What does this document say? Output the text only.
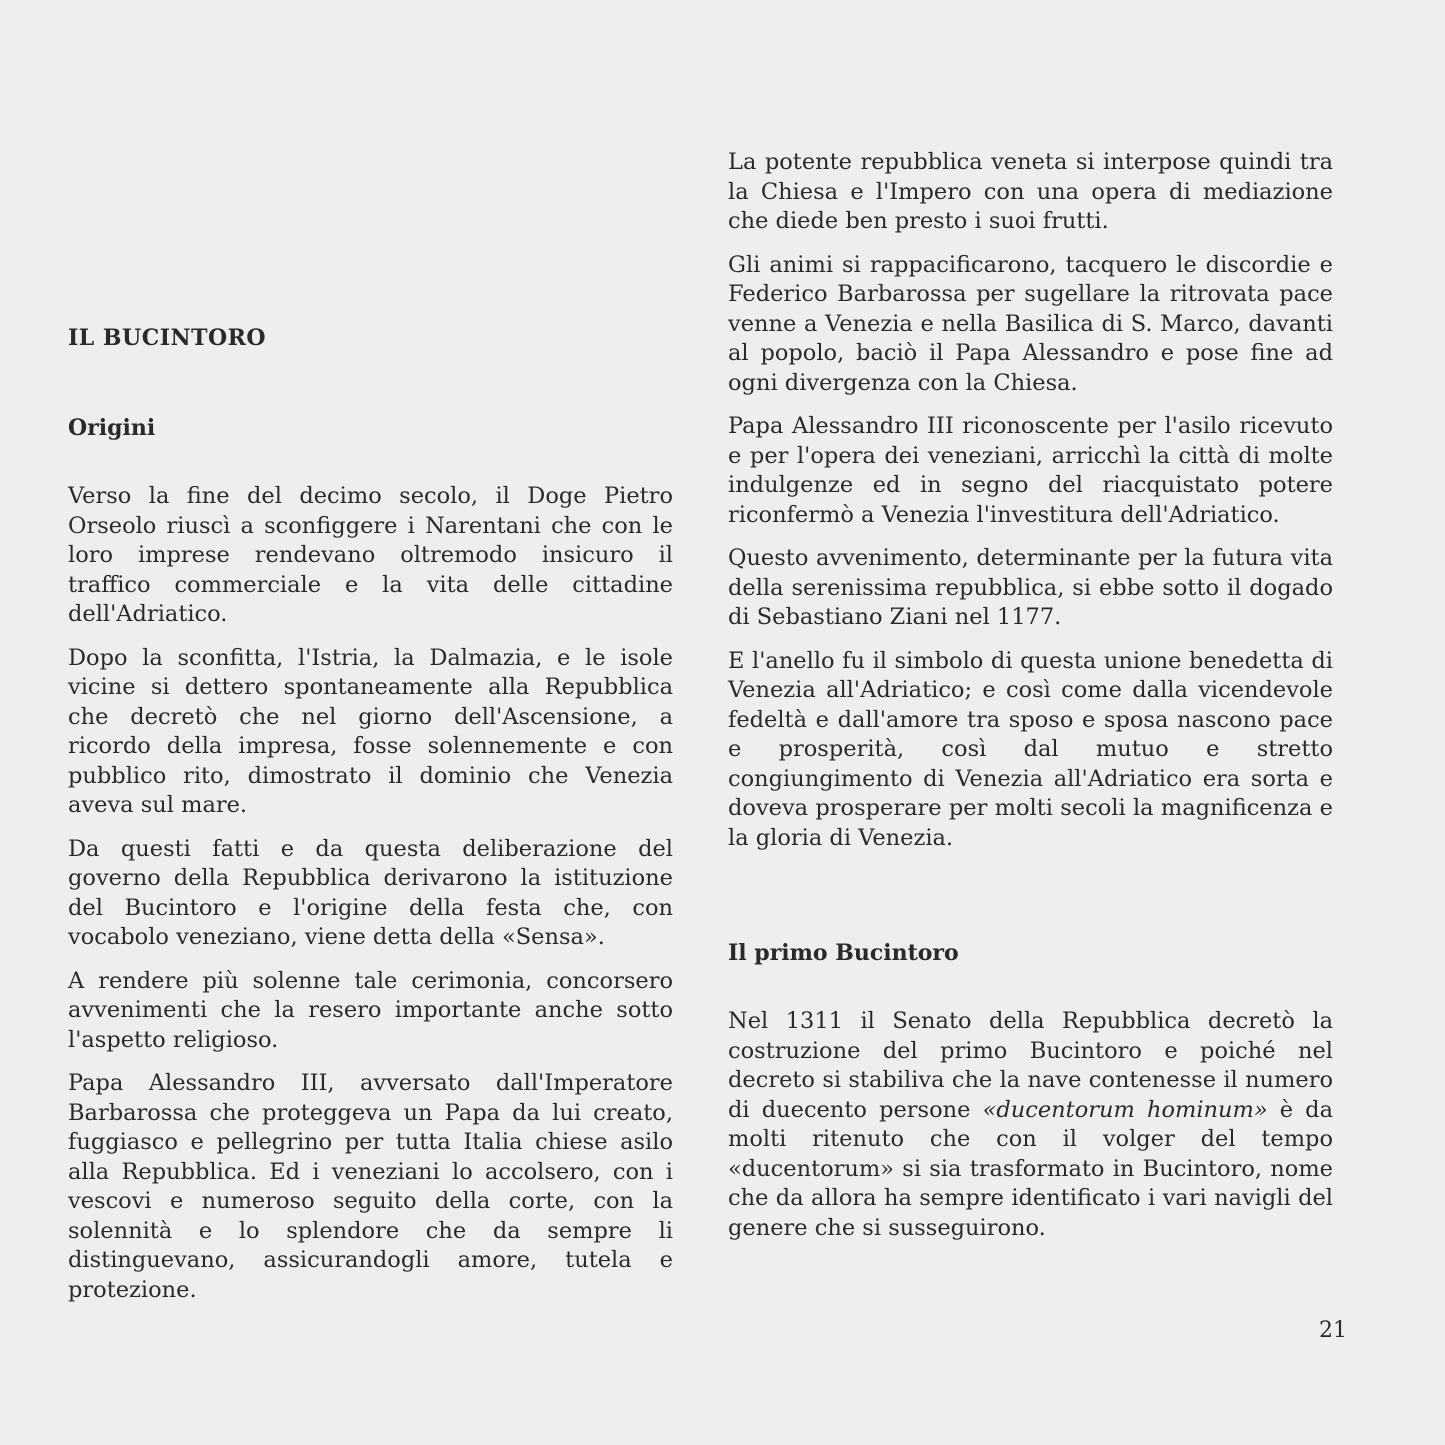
IL BUCINTORO
Origini

Verso la fine del decimo secolo, il Doge Pietro Orseolo riuscì a sconfiggere i Narentani che con le loro imprese rendevano oltremodo insicuro il traffico commerciale e la vita delle cittadine dell'Adriatico.

Dopo la sconfitta, l'Istria, la Dalmazia, e le isole vicine si dettero spontaneamente alla Repubblica che decretò che nel giorno dell'Ascensione, a ricordo della impresa, fosse solennemente e con pubblico rito, dimostrato il dominio che Venezia aveva sul mare.

Da questi fatti e da questa deliberazione del governo della Repubblica derivarono la istituzione del Bucintoro e l'origine della festa che, con vocabolo veneziano, viene detta della «Sensa».

A rendere più solenne tale cerimonia, concorsero avvenimenti che la resero importante anche sotto l'aspetto religioso.

Papa Alessandro III, avversato dall'Imperatore Barbarossa che proteggeva un Papa da lui creato, fuggiasco e pellegrino per tutta Italia chiese asilo alla Repubblica. Ed i veneziani lo accolsero, con i vescovi e numeroso seguito della corte, con la solennità e lo splendore che da sempre li distinguevano, assicurandogli amore, tutela e protezione.

La potente repubblica veneta si interpose quindi tra la Chiesa e l'Impero con una opera di mediazione che diede ben presto i suoi frutti.

Gli animi si rappacificarono, tacquero le discordie e Federico Barbarossa per sugellare la ritrovata pace venne a Venezia e nella Basilica di S. Marco, davanti al popolo, baciò il Papa Alessandro e pose fine ad ogni divergenza con la Chiesa.

Papa Alessandro III riconoscente per l'asilo ricevuto e per l'opera dei veneziani, arricchì la città di molte indulgenze ed in segno del riacquistato potere riconfermò a Venezia l'investitura dell'Adriatico.

Questo avvenimento, determinante per la futura vita della serenissima repubblica, si ebbe sotto il dogado di Sebastiano Ziani nel 1177.

E l'anello fu il simbolo di questa unione benedetta di Venezia all'Adriatico; e così come dalla vicendevole fedeltà e dall'amore tra sposo e sposa nascono pace e prosperità, così dal mutuo e stretto congiungimento di Venezia all'Adriatico era sorta e doveva prosperare per molti secoli la magnificenza e la gloria di Venezia.

Il primo Bucintoro

Nel 1311 il Senato della Repubblica decretò la costruzione del primo Bucintoro e poiché nel decreto si stabiliva che la nave contenesse il numero di duecento persone «ducentorum hominum» è da molti ritenuto che con il volger del tempo «ducentorum» si sia trasformato in Bucintoro, nome che da allora ha sempre identificato i vari navigli del genere che si susseguirono.

21
